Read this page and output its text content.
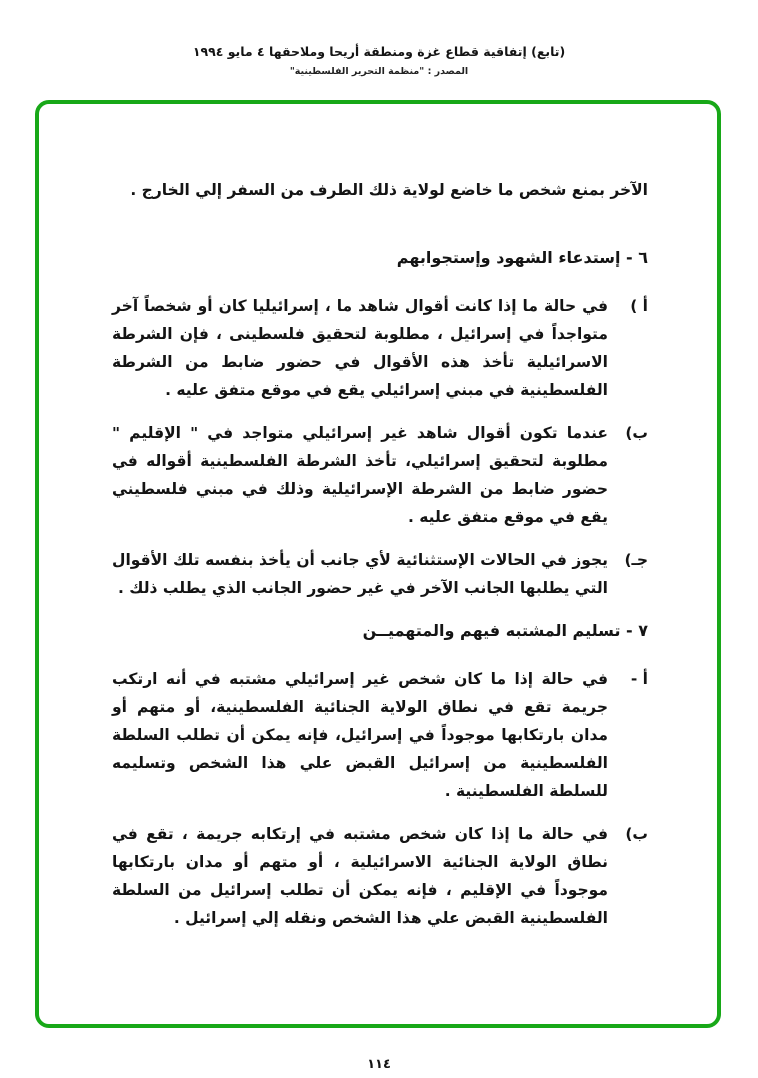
(تابع) إتفاقية قطاع غزة ومنطقة أريحا وملاحقها ٤ مايو ١٩٩٤
المصدر : "منظمة التحرير الفلسطينية"

الآخر بمنع شخص ما خاضع لولاية ذلك الطرف من السفر إلي الخارج .

٦ - إستدعاء الشهود وإستجوابهم
أ )
في حالة ما إذا كانت أقوال شاهد ما ، إسرائيليا كان أو شخصاً آخر متواجداً في إسرائيل ، مطلوبة لتحقيق فلسطينى ، فإن الشرطة الاسرائيلية تأخذ هذه الأقوال في حضور ضابط من الشرطة الفلسطينية في مبني إسرائيلي يقع في موقع متفق عليه .
ب)
عندما تكون أقوال شاهد غير إسرائيلي متواجد في " الإقليم " مطلوبة لتحقيق إسرائيلي، تأخذ الشرطة الفلسطينية أقواله في حضور ضابط من الشرطة الإسرائيلية وذلك في مبني فلسطيني يقع في موقع متفق عليه .
جـ)
يجوز في الحالات الإستثنائية لأي جانب أن يأخذ بنفسه تلك الأقوال التي يطلبها الجانب الآخر في غير حضور الجانب الذي يطلب ذلك .
٧ - تسليم المشتبه فيهم والمتهميــن
أ -
في حالة إذا ما كان شخص غير إسرائيلي مشتبه في أنه ارتكب جريمة تقع في نطاق الولاية الجنائية الفلسطينية، أو متهم أو مدان بارتكابها موجوداً في إسرائيل، فإنه يمكن أن تطلب السلطة الفلسطينية من إسرائيل القبض علي هذا الشخص وتسليمه للسلطة الفلسطينية .
ب)
في حالة ما إذا كان شخص مشتبه في إرتكابه جريمة ، تقع في نطاق الولاية الجنائية الاسرائيلية ، أو متهم أو مدان بارتكابها موجوداً في الإقليم ، فإنه يمكن أن تطلب إسرائيل من السلطة الفلسطينية القبض علي هذا الشخص ونقله إلي إسرائيل .
١١٤
